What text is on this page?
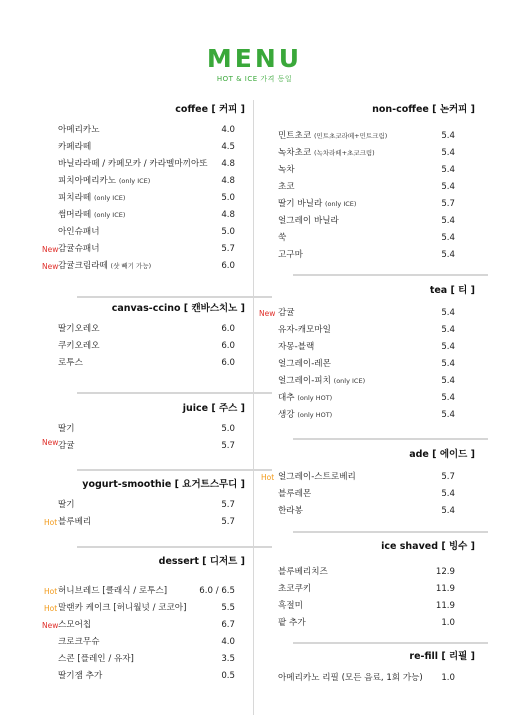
MENU
HOT & ICE 가격 동일
coffee [ 커피 ]
아메리카노	4.0
카페라떼	4.5
바닐라라떼 / 카페모카 / 카라멜마끼아또 4.8
피치아메리카노 (only ICE)	4.8
피치라떼 (only ICE)	5.0
썸머라떼 (only ICE)	4.8
아인슈패너	5.0
New 감귤슈패너	5.7
New 감귤크림라떼 (샷 빼기 가능)	6.0
canvas-ccino [ 캔바스치노 ]
딸기오레오	6.0
쿠키오레오	6.0
로투스	6.0
juice [ 주스 ]
딸기	5.0
New 감귤	5.7
yogurt-smoothie [ 요거트스무디 ]
딸기	5.7
Hot 블루베리	5.7
dessert [ 디저트 ]
Hot 허니브레드 [클래식 / 로투스]	6.0 / 6.5
Hot 말랜카 케이크 [허니월넛 / 코코아]	5.5
New 스모어칩	6.7
크로크무슈	4.0
스콘 [플레인 / 유자]	3.5
딸기잼 추가	0.5
non-coffee [ 논커피 ]
민트초코 (민트초코라떼+민트크림)	5.4
녹차초코 (녹차라떼+초코크림)	5.4
녹차	5.4
초코	5.4
딸기 바닐라 (only ICE)	5.7
얼그레이 바닐라	5.4
쑥	5.4
고구마	5.4
tea [ 티 ]
New 감귤	5.4
유자-캐모마일	5.4
자몽-블랙	5.4
얼그레이-레몬	5.4
얼그레이-피치 (only ICE)	5.4
대추 (only HOT)	5.4
생강 (only HOT)	5.4
ade [ 에이드 ]
Hot 얼그레이-스트로베리	5.7
블루레몬	5.4
한라봉	5.4
ice shaved [ 빙수 ]
블루베리치즈	12.9
초코쿠키	11.9
흑절미	11.9
팥 추가	1.0
re-fill [ 리필 ]
아메리카노 리필 (모든 음료, 1회 가능) 1.0
